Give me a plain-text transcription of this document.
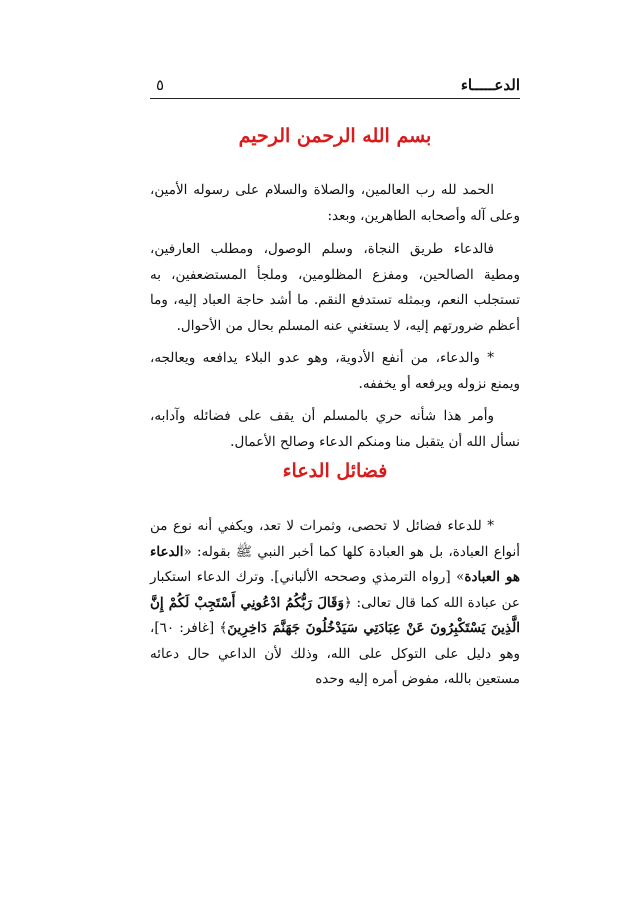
الدعـــــاء
٥
بسم الله الرحمن الرحيم

الحمد لله رب العالمين، والصلاة والسلام على رسوله الأمين، وعلى آله وأصحابه الطاهرين، وبعد:

فالدعاء طريق النجاة، وسلم الوصول، ومطلب العارفين، ومطية الصالحين، ومفزع المظلومين، وملجأ المستضعفين، به تستجلب النعم، وبمثله تستدفع النقم. ما أشد حاجة العباد إليه، وما أعظم ضرورتهم إليه، لا يستغني عنه المسلم بحال من الأحوال.

* والدعاء، من أنفع الأدوية، وهو عدو البلاء يدافعه ويعالجه، ويمنع نزوله ويرفعه أو يخففه.

وأمر هذا شأنه حري بالمسلم أن يقف على فضائله وآدابه، نسأل الله أن يتقبل منا ومنكم الدعاء وصالح الأعمال.

فضائل الدعاء

* للدعاء فضائل لا تحصى، وثمرات لا تعد، ويكفي أنه نوع من أنواع العبادة، بل هو العبادة كلها كما أخبر النبي ﷺ بقوله: «الدعاء هو العبادة» [رواه الترمذي وصححه الألباني]. وترك الدعاء استكبار عن عبادة الله كما قال تعالى: ﴿وَقَالَ رَبُّكُمُ ادْعُونِي أَسْتَجِبْ لَكُمْ إِنَّ الَّذِينَ يَسْتَكْبِرُونَ عَنْ عِبَادَتِي سَيَدْخُلُونَ جَهَنَّمَ دَاخِرِينَ﴾ [غافر: ٦٠]، وهو دليل على التوكل على الله، وذلك لأن الداعي حال دعائه مستعين بالله، مفوض أمره إليه وحده
